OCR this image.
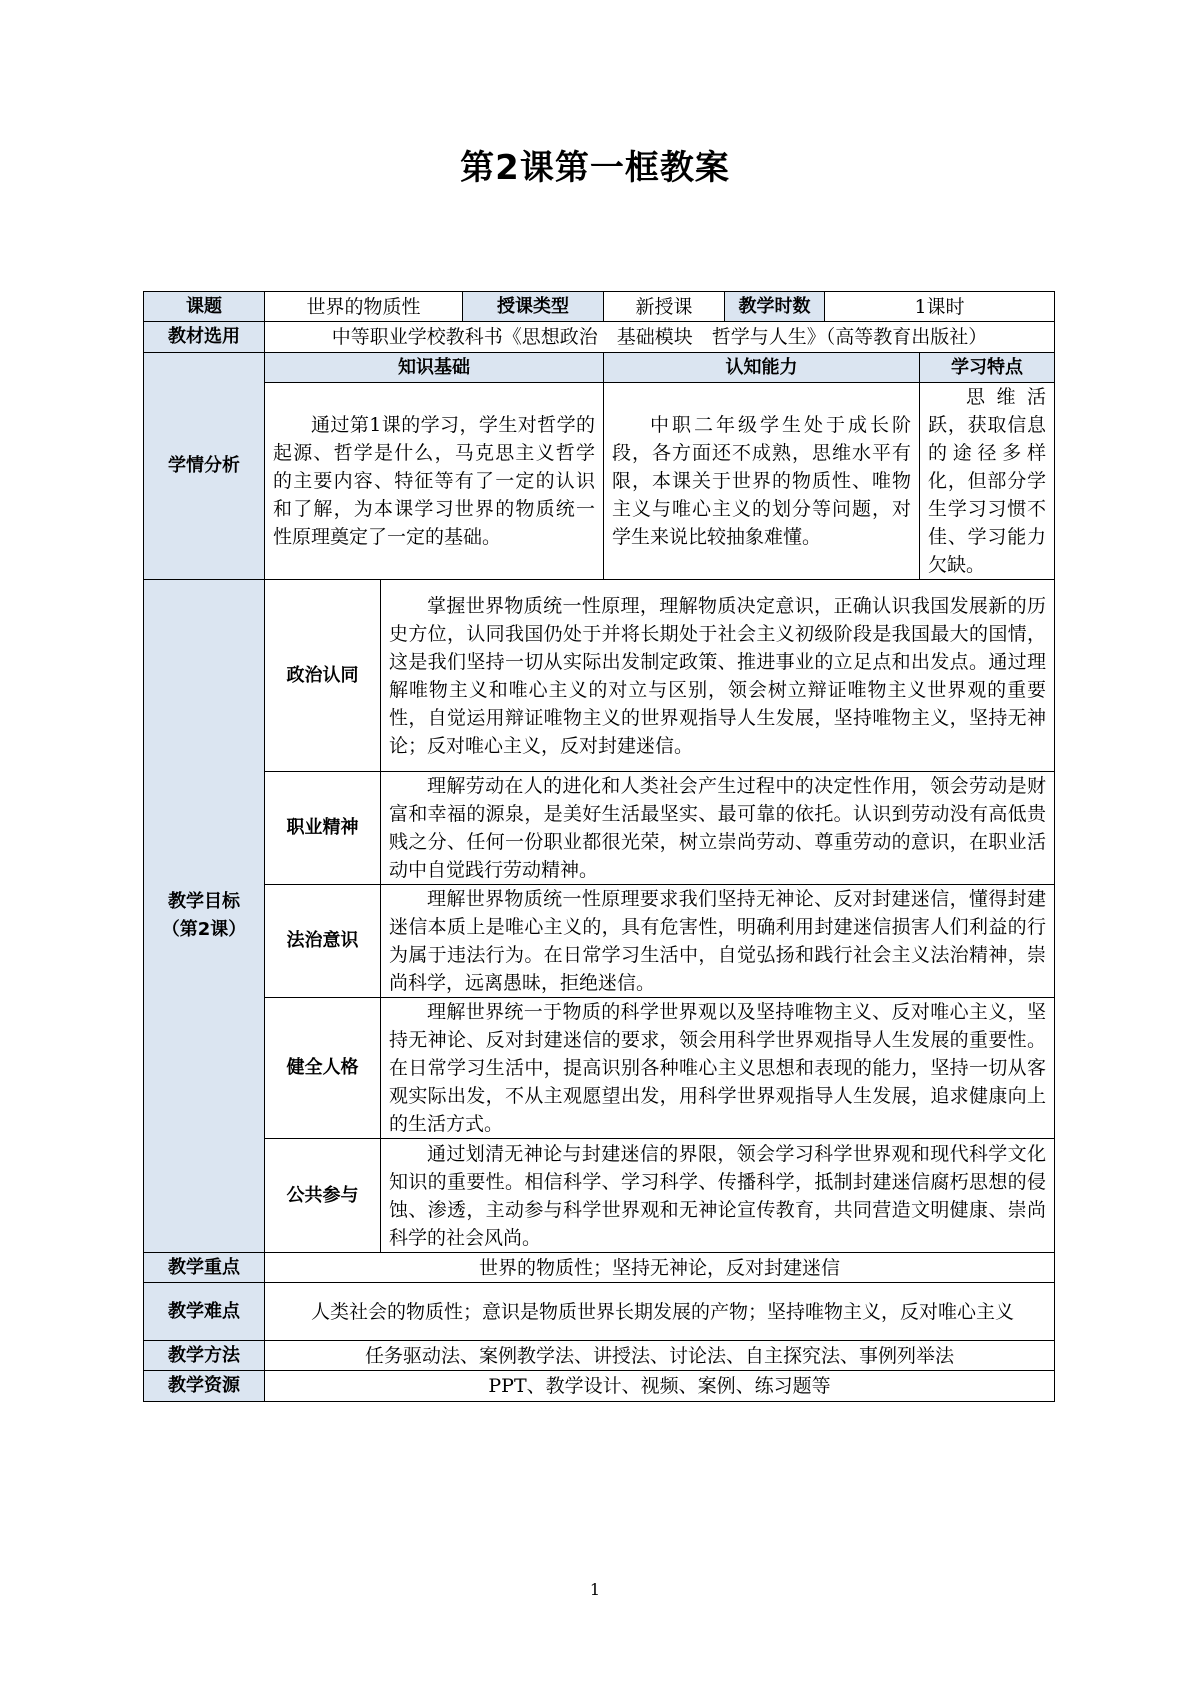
第2课第一框教案
课题	世界的物质性		授课类型	新授课	教学时数	1课时	
教材选用	中等职业学校教科书《思想政治　基础模块　哲学与人生》（高等教育出版社）						
学情分析	知识基础			认知能力			学习特点

	通过第1课的学习，学生对哲学的起源、哲学是什么，马克思主义哲学的主要内容、特征等有了一定的认识和了解，为本课学习世界的物质统一性原理奠定了一定的基础。			中职二年级学生处于成长阶段，各方面还不成熟，思维水平有限，本课关于世界的物质性、唯物主义与唯心主义的划分等问题，对学生来说比较抽象难懂。			思维活跃，获取信息的途径多样化，但部分学生学习习惯不佳、学习能力欠缺。

教学目标
（第2课）	政治认同	掌握世界物质统一性原理，理解物质决定意识，正确认识我国发展新的历史方位，认同我国仍处于并将长期处于社会主义初级阶段是我国最大的国情，这是我们坚持一切从实际出发制定政策、推进事业的立足点和出发点。通过理解唯物主义和唯心主义的对立与区别，领会树立辩证唯物主义世界观的重要性，自觉运用辩证唯物主义的世界观指导人生发展，坚持唯物主义，坚持无神论；反对唯心主义，反对封建迷信。					

	职业精神	理解劳动在人的进化和人类社会产生过程中的决定性作用，领会劳动是财富和幸福的源泉，是美好生活最坚实、最可靠的依托。认识到劳动没有高低贵贱之分、任何一份职业都很光荣，树立崇尚劳动、尊重劳动的意识，在职业活动中自觉践行劳动精神。					

	法治意识	理解世界物质统一性原理要求我们坚持无神论、反对封建迷信，懂得封建迷信本质上是唯心主义的，具有危害性，明确利用封建迷信损害人们利益的行为属于违法行为。在日常学习生活中，自觉弘扬和践行社会主义法治精神，崇尚科学，远离愚昧，拒绝迷信。					

	健全人格	理解世界统一于物质的科学世界观以及坚持唯物主义、反对唯心主义，坚持无神论、反对封建迷信的要求，领会用科学世界观指导人生发展的重要性。在日常学习生活中，提高识别各种唯心主义思想和表现的能力，坚持一切从客观实际出发，不从主观愿望出发，用科学世界观指导人生发展，追求健康向上的生活方式。					

	公共参与	通过划清无神论与封建迷信的界限，领会学习科学世界观和现代科学文化知识的重要性。相信科学、学习科学、传播科学，抵制封建迷信腐朽思想的侵蚀、渗透，主动参与科学世界观和无神论宣传教育，共同营造文明健康、崇尚科学的社会风尚。					

教学重点	世界的物质性；坚持无神论，反对封建迷信						
教学难点	人类社会的物质性；意识是物质世界长期发展的产物；坚持唯物主义，反对唯心主义						

教学方法	任务驱动法、案例教学法、讲授法、讨论法、自主探究法、事例列举法						
教学资源	PPT、教学设计、视频、案例、练习题等						
1
